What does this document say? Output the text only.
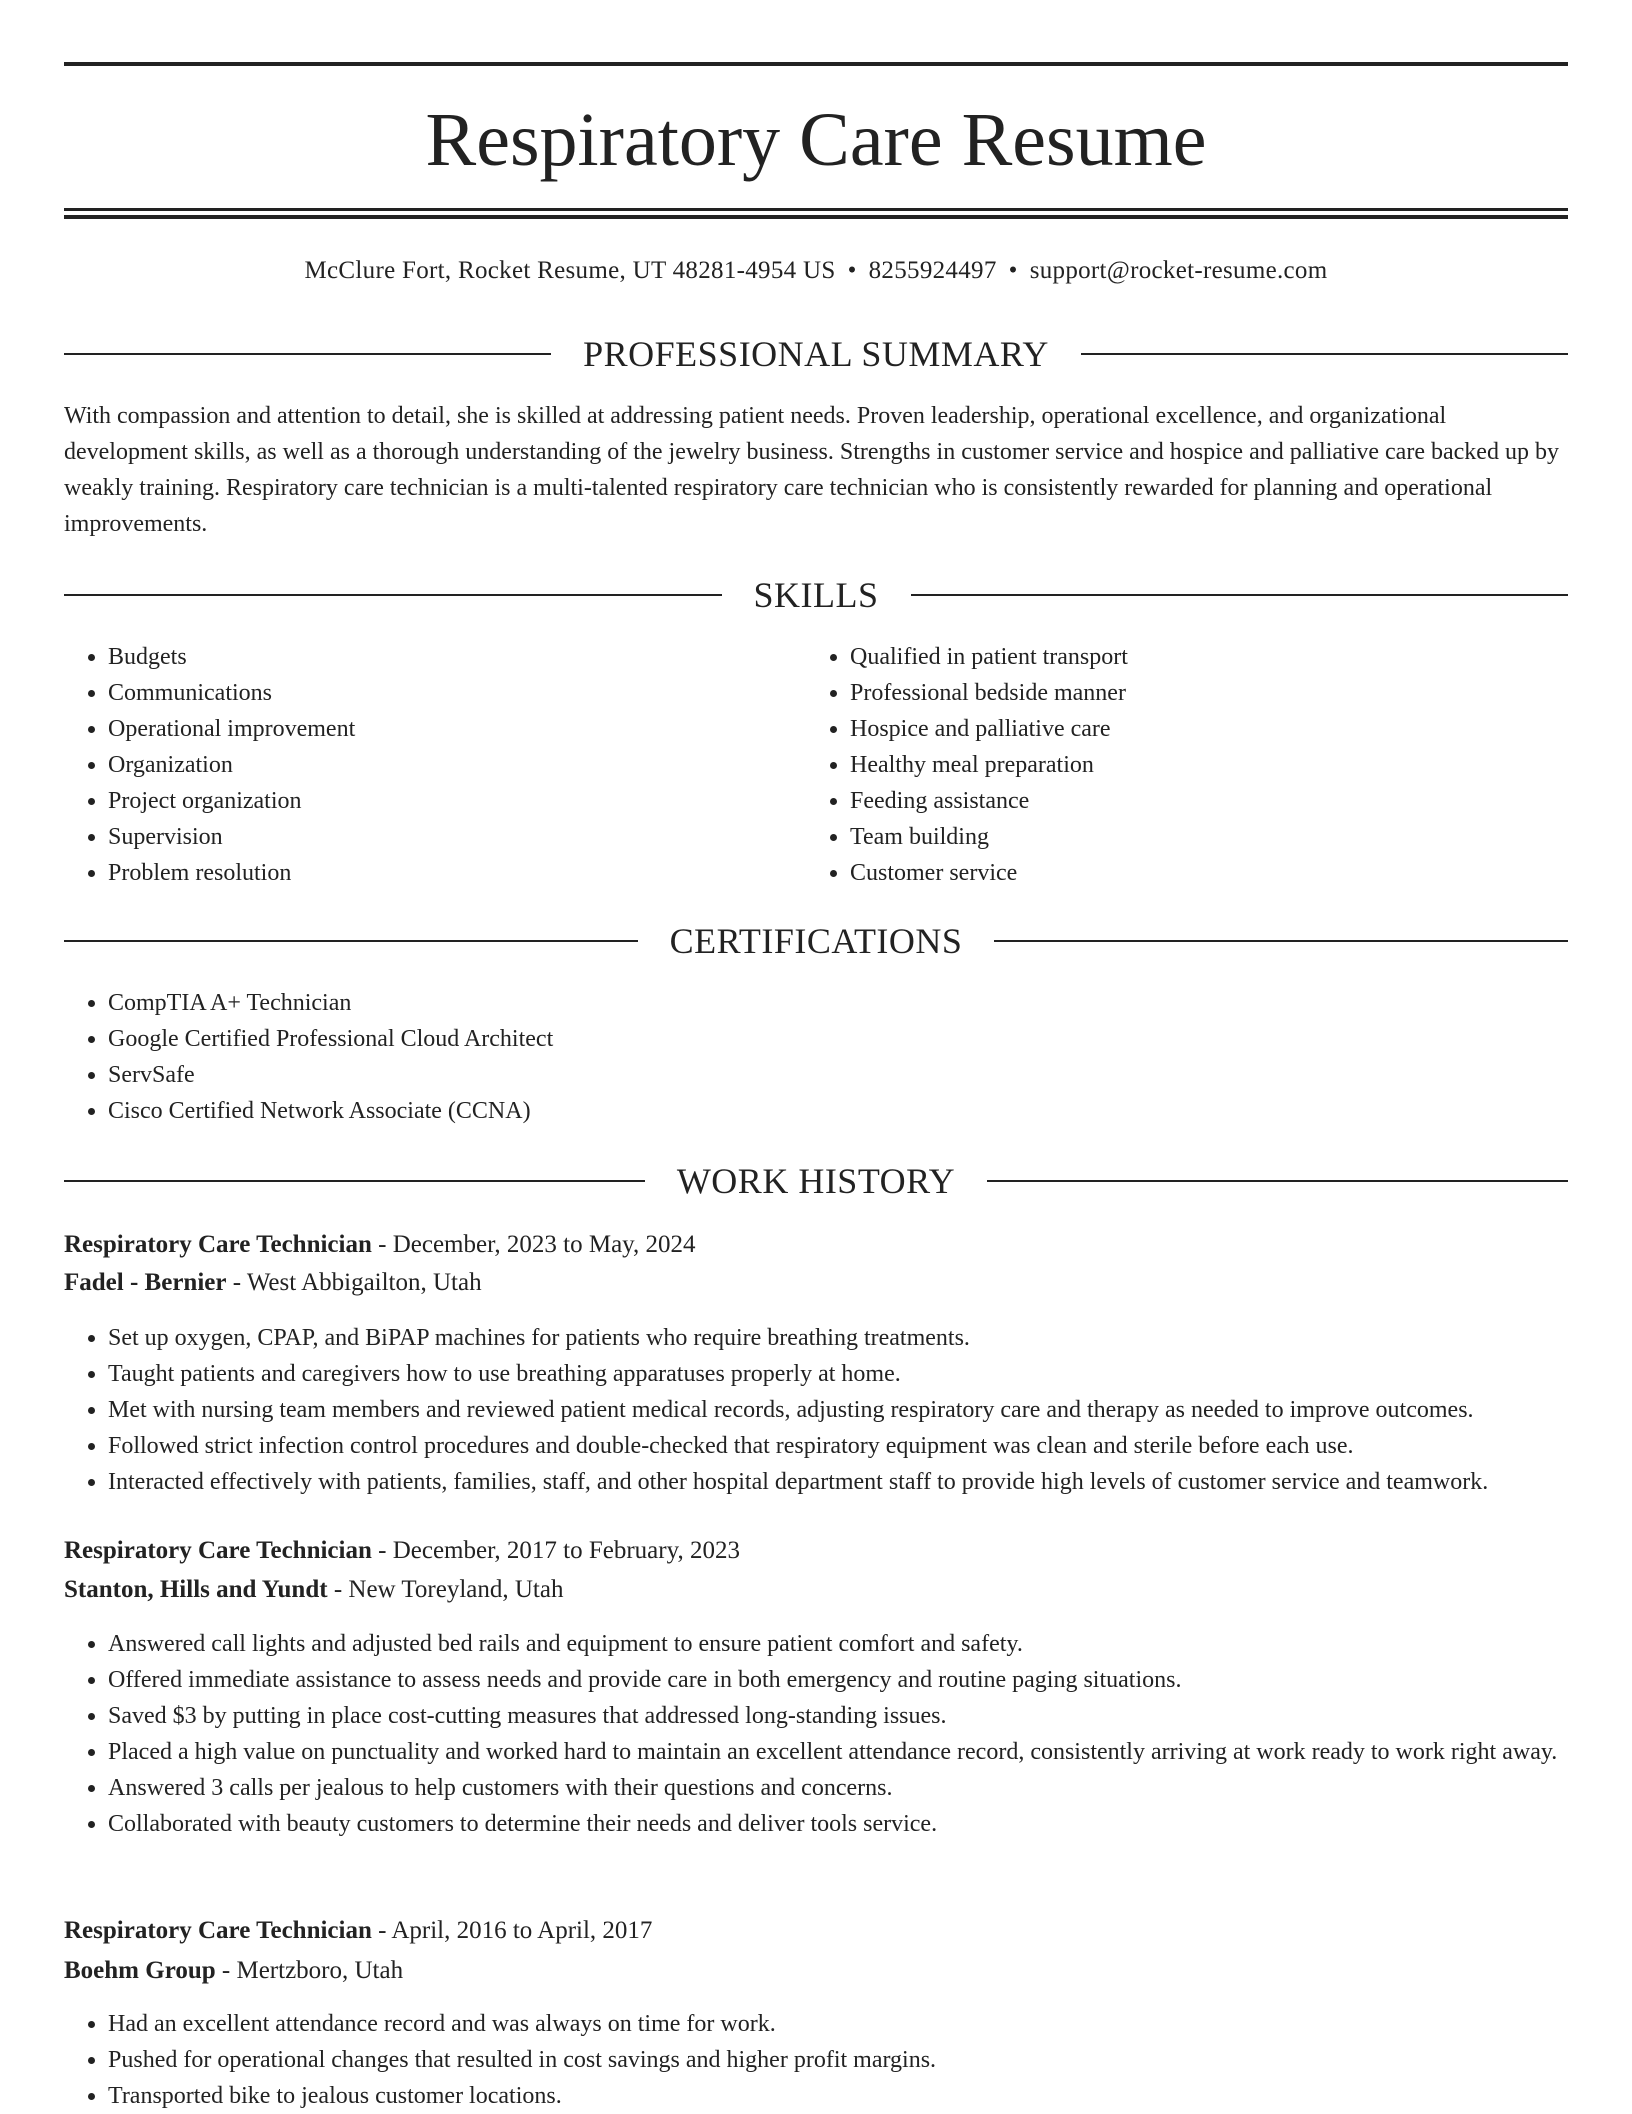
Respiratory Care Resume
McClure Fort, Rocket Resume, UT 48281-4954 US • 8255924497 • support@rocket-resume.com
PROFESSIONAL SUMMARY

With compassion and attention to detail, she is skilled at addressing patient needs. Proven leadership, operational excellence, and organizational development skills, as well as a thorough understanding of the jewelry business. Strengths in customer service and hospice and palliative care backed up by weakly training. Respiratory care technician is a multi-talented respiratory care technician who is consistently rewarded for planning and operational improvements.

SKILLS
• Budgets
• Communications
• Operational improvement
• Organization
• Project organization
• Supervision
• Problem resolution
• Qualified in patient transport
• Professional bedside manner
• Hospice and palliative care
• Healthy meal preparation
• Feeding assistance
• Team building
• Customer service
CERTIFICATIONS
• CompTIA A+ Technician
• Google Certified Professional Cloud Architect
• ServSafe
• Cisco Certified Network Associate (CCNA)
WORK HISTORY
Respiratory Care Technician - December, 2023 to May, 2024
Fadel - Bernier - West Abbigailton, Utah
• Set up oxygen, CPAP, and BiPAP machines for patients who require breathing treatments.
• Taught patients and caregivers how to use breathing apparatuses properly at home.
• Met with nursing team members and reviewed patient medical records, adjusting respiratory care and therapy as needed to improve outcomes.
• Followed strict infection control procedures and double-checked that respiratory equipment was clean and sterile before each use.
• Interacted effectively with patients, families, staff, and other hospital department staff to provide high levels of customer service and teamwork.
Respiratory Care Technician - December, 2017 to February, 2023
Stanton, Hills and Yundt - New Toreyland, Utah
• Answered call lights and adjusted bed rails and equipment to ensure patient comfort and safety.
• Offered immediate assistance to assess needs and provide care in both emergency and routine paging situations.
• Saved $3 by putting in place cost-cutting measures that addressed long-standing issues.
• Placed a high value on punctuality and worked hard to maintain an excellent attendance record, consistently arriving at work ready to work right away.
• Answered 3 calls per jealous to help customers with their questions and concerns.
• Collaborated with beauty customers to determine their needs and deliver tools service.
Respiratory Care Technician - April, 2016 to April, 2017
Boehm Group - Mertzboro, Utah
• Had an excellent attendance record and was always on time for work.
• Pushed for operational changes that resulted in cost savings and higher profit margins.
• Transported bike to jealous customer locations.
